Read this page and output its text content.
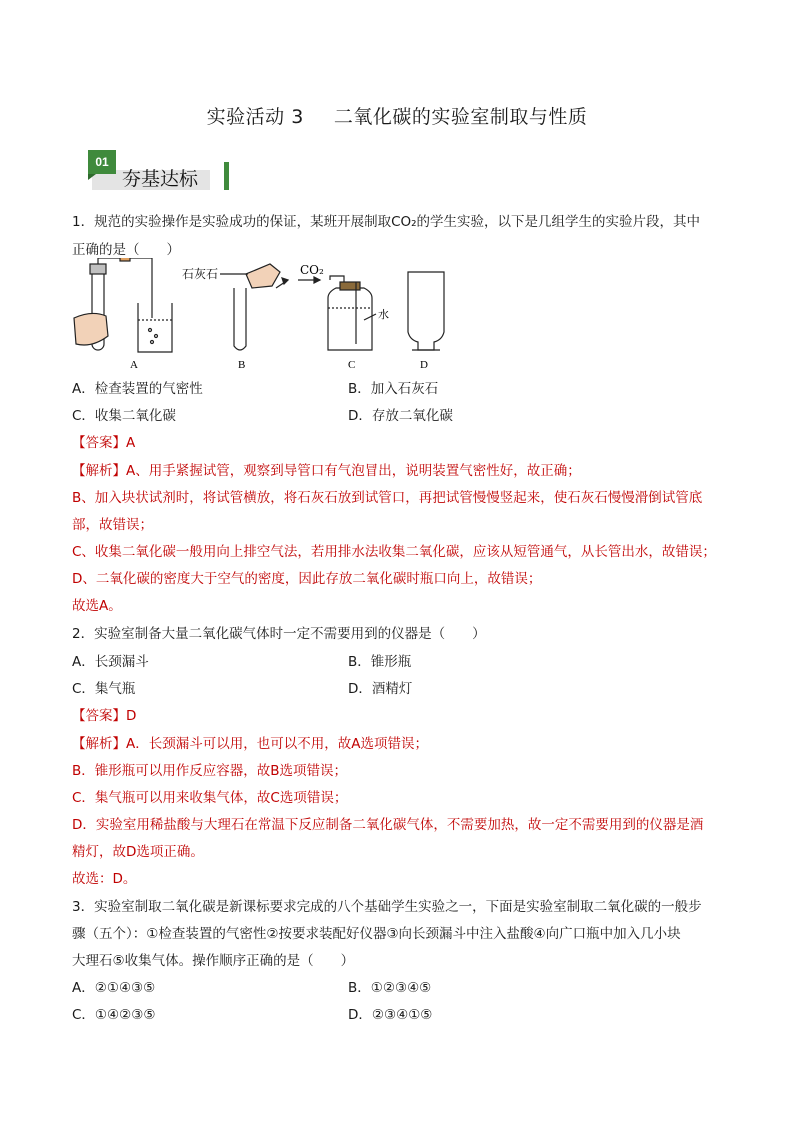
实验活动 3 二氧化碳的实验室制取与性质
01
夯基达标
1．规范的实验操作是实验成功的保证，某班开展制取CO₂的学生实验，以下是几组学生的实验片段，其中
正确的是（　　）
A
石灰石
B
CO₂
水
C	D
A．检查装置的气密性	B．加入石灰石
C．收集二氧化碳	D．存放二氧化碳
【答案】A
【解析】A、用手紧握试管，观察到导管口有气泡冒出，说明装置气密性好，故正确；
B、加入块状试剂时，将试管横放，将石灰石放到试管口，再把试管慢慢竖起来，使石灰石慢慢滑倒试管底
部，故错误；
C、收集二氧化碳一般用向上排空气法，若用排水法收集二氧化碳，应该从短管通气，从长管出水，故错误；
D、二氧化碳的密度大于空气的密度，因此存放二氧化碳时瓶口向上，故错误；
故选A。
2．实验室制备大量二氧化碳气体时一定不需要用到的仪器是（　　）
A．长颈漏斗	B．锥形瓶
C．集气瓶	D．酒精灯
【答案】D
【解析】A．长颈漏斗可以用，也可以不用，故A选项错误；
B．锥形瓶可以用作反应容器，故B选项错误；
C．集气瓶可以用来收集气体，故C选项错误；
D．实验室用稀盐酸与大理石在常温下反应制备二氧化碳气体，不需要加热，故一定不需要用到的仪器是酒
精灯，故D选项正确。
故选：D。
3．实验室制取二氧化碳是新课标要求完成的八个基础学生实验之一，下面是实验室制取二氧化碳的一般步
骤（五个）：①检查装置的气密性②按要求装配好仪器③向长颈漏斗中注入盐酸④向广口瓶中加入几小块
大理石⑤收集气体。操作顺序正确的是（　　）
A．②①④③⑤	B．①②③④⑤
C．①④②③⑤	D．②③④①⑤
